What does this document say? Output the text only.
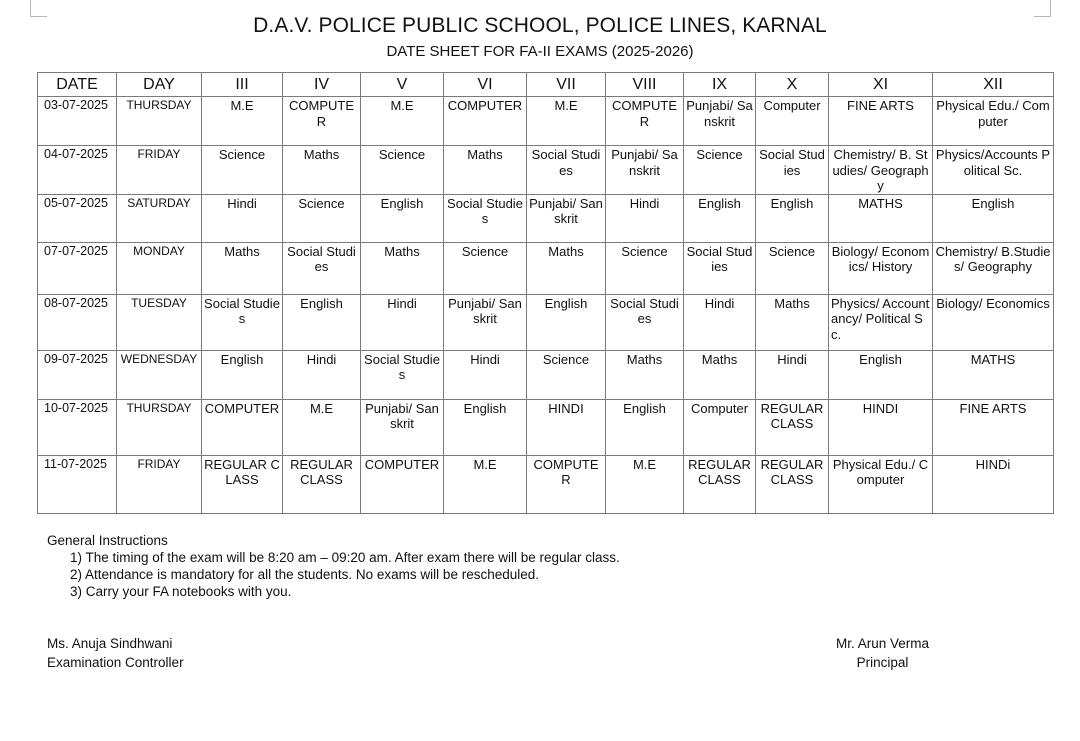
D.A.V. POLICE PUBLIC SCHOOL, POLICE LINES, KARNAL
DATE SHEET FOR FA-II EXAMS (2025-2026)
DATE	DAY	III	IV	V	VI	VII	VIII	IX	X	XI	XII
03-07-2025	THURSDAY	M.E	COMPUTER	M.E	COMPUTER	M.E	COMPUTER	Punjabi/ Sanskrit	Computer	FINE ARTS	Physical Edu./ Computer
04-07-2025	FRIDAY	Science	Maths	Science	Maths	Social Studies	Punjabi/ Sanskrit	Science	Social Studies	Chemistry/ B. Studies/ Geography	Physics/Accounts Political Sc.
05-07-2025	SATURDAY	Hindi	Science	English	Social Studies	Punjabi/ Sanskrit	Hindi	English	English	MATHS	English
07-07-2025	MONDAY	Maths	Social Studies	Maths	Science	Maths	Science	Social Studies	Science	Biology/ Economics/ History	Chemistry/ B.Studies/ Geography
08-07-2025	TUESDAY	Social Studies	English	Hindi	Punjabi/ Sanskrit	English	Social Studies	Hindi	Maths	Physics/ Accountancy/ Political Sc.	Biology/ Economics
09-07-2025	WEDNESDAY	English	Hindi	Social Studies	Hindi	Science	Maths	Maths	Hindi	English	MATHS
10-07-2025	THURSDAY	COMPUTER	M.E	Punjabi/ Sanskrit	English	HINDI	English	Computer	REGULAR CLASS	HINDI	FINE ARTS
11-07-2025	FRIDAY	REGULAR CLASS	REGULAR CLASS	COMPUTER	M.E	COMPUTER	M.E	REGULAR CLASS	REGULAR CLASS	Physical Edu./ Computer	HINDi
General Instructions
1) The timing of the exam will be 8:20 am – 09:20 am. After exam there will be regular class.
2) Attendance is mandatory for all the students. No exams will be rescheduled.
3) Carry your FA notebooks with you.
Ms. Anuja Sindhwani
Examination Controller
Mr. Arun Verma
Principal
